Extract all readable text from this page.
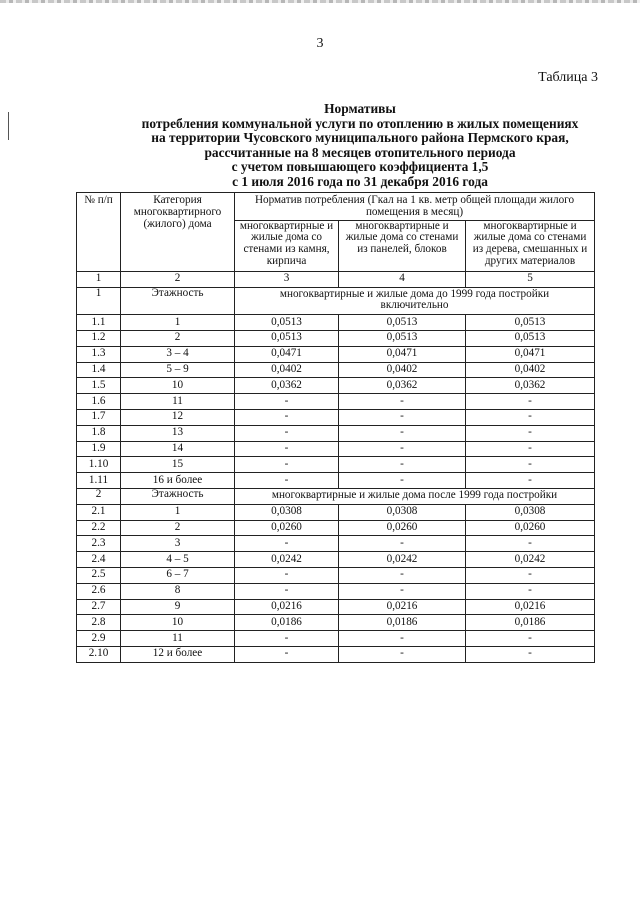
3
Таблица 3
Нормативы
потребления коммунальной услуги по отоплению в жилых помещениях
на территории Чусовского муниципального района Пермского края,
рассчитанные на 8 месяцев отопительного периода
с учетом повышающего коэффициента 1,5
с 1 июля 2016 года по 31 декабря 2016 года
№ п/п	Категория многоквартирного (жилого) дома	Норматив потребления (Гкал на 1 кв. метр общей площади жилого помещения в месяц)		
		многоквартирные и жилые дома со стенами из камня, кирпича	многоквартирные и жилые дома со стенами из панелей, блоков	многоквартирные и жилые дома со стенами из дерева, смешанных и других материалов
1	2	3	4	5
1	Этажность	многоквартирные и жилые дома до 1999 года постройки включительно		
1.1	1	0,0513	0,0513	0,0513
1.2	2	0,0513	0,0513	0,0513
1.3	3 – 4	0,0471	0,0471	0,0471
1.4	5 – 9	0,0402	0,0402	0,0402
1.5	10	0,0362	0,0362	0,0362
1.6	11	-	-	-
1.7	12	-	-	-
1.8	13	-	-	-
1.9	14	-	-	-
1.10	15	-	-	-
1.11	16 и более	-	-	-
2	Этажность	многоквартирные и жилые дома после 1999 года постройки		
2.1	1	0,0308	0,0308	0,0308
2.2	2	0,0260	0,0260	0,0260
2.3	3	-	-	-
2.4	4 – 5	0,0242	0,0242	0,0242
2.5	6 – 7	-	-	-
2.6	8	-	-	-
2.7	9	0,0216	0,0216	0,0216
2.8	10	0,0186	0,0186	0,0186
2.9	11	-	-	-
2.10	12 и более	-	-	-
